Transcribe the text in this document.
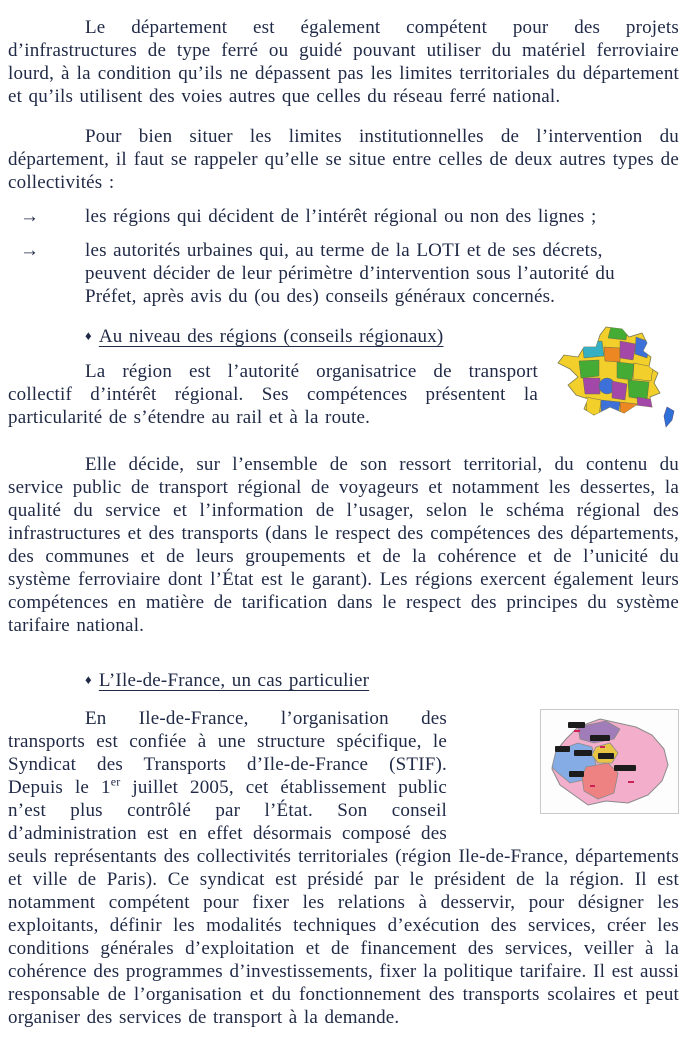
Le département est également compétent pour des projets d’infrastructures de type ferré ou guidé pouvant utiliser du matériel ferroviaire lourd, à la condition qu’ils ne dépassent pas les limites territoriales du département et qu’ils utilisent des voies autres que celles du réseau ferré national.

Pour bien situer les limites institutionnelles de l’intervention du département, il faut se rappeler qu’elle se situe entre celles de deux autres types de collectivités :

→	les régions qui décident de l’intérêt régional ou non des lignes ;
→	les autorités urbaines qui, au terme de la LOTI et de ses décrets, peuvent décider de leur périmètre d’intervention sous l’autorité du Préfet, après avis du (ou des) conseils généraux concernés.
♦ Au niveau des régions (conseils régionaux)

La région est l’autorité organisatrice de transport collectif d’intérêt régional. Ses compétences présentent la particularité de s’étendre au rail et à la route.

Elle décide, sur l’ensemble de son ressort territorial, du contenu du service public de transport régional de voyageurs et notamment les dessertes, la qualité du service et l’information de l’usager, selon le schéma régional des infrastructures et des transports (dans le respect des compétences des départements, des communes et de leurs groupements et de la cohérence et de l’unicité du système ferroviaire dont l’État est le garant). Les régions exercent également leurs compétences en matière de tarification dans le respect des principes du système tarifaire national.

♦ L’Ile-de-France, un cas particulier

En Ile-de-France, l’organisation des transports est confiée à une structure spécifique, le Syndicat des Transports d’Ile-de-France (STIF). Depuis le 1er juillet 2005, cet établissement public n’est plus contrôlé par l’État. Son conseil d’administration est en effet désormais composé des seuls représentants des collectivités territoriales (région Ile-de-France, départements et ville de Paris). Ce syndicat est présidé par le président de la région. Il est notamment compétent pour fixer les relations à desservir, pour désigner les exploitants, définir les modalités techniques d’exécution des services, créer les conditions générales d’exploitation et de financement des services, veiller à la cohérence des programmes d’investissements, fixer la politique tarifaire. Il est aussi responsable de l’organisation et du fonctionnement des transports scolaires et peut organiser des services de transport à la demande.
